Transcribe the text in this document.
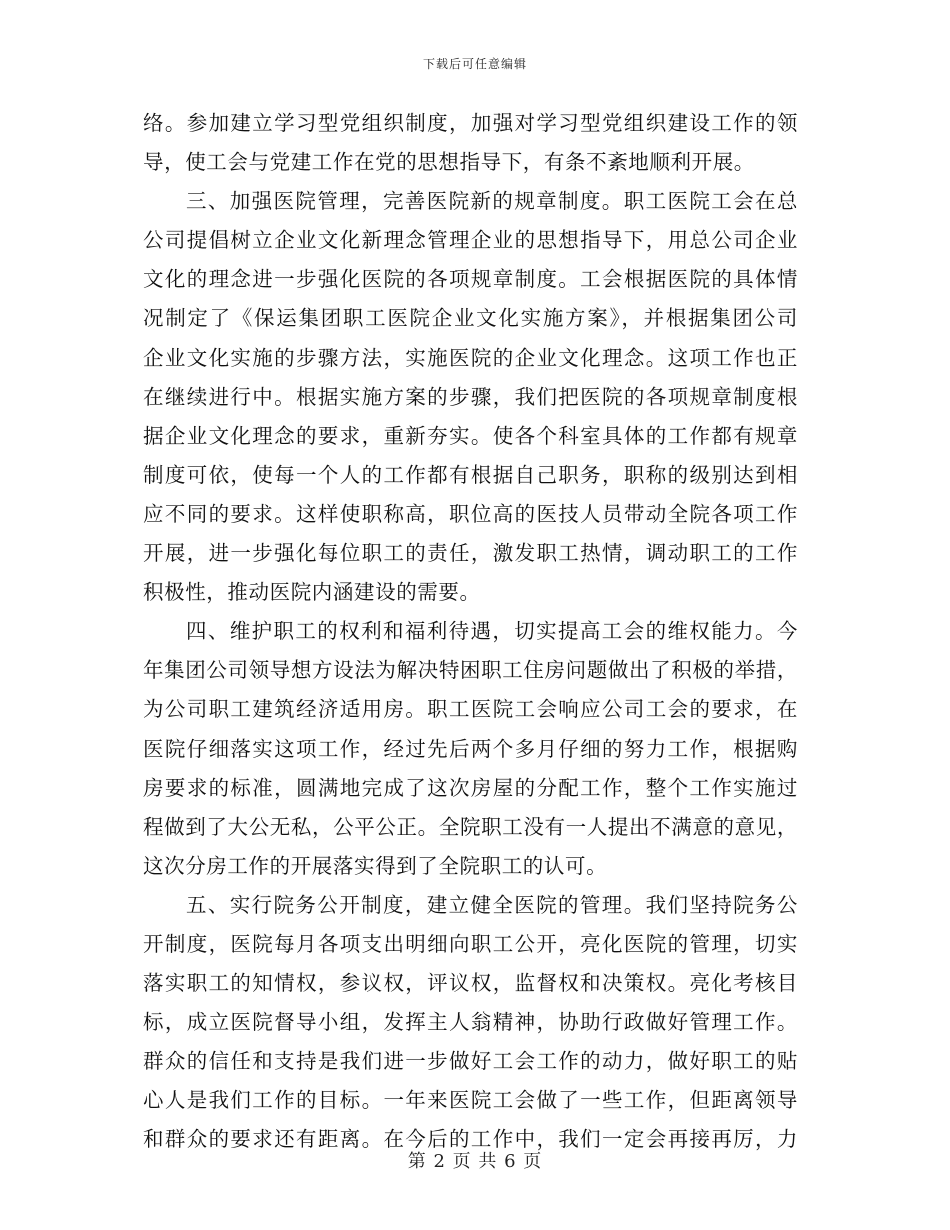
下载后可任意编辑
络。参加建立学习型党组织制度，加强对学习型党组织建设工作的领
导，使工会与党建工作在党的思想指导下，有条不紊地顺利开展。
三、加强医院管理，完善医院新的规章制度。职工医院工会在总
公司提倡树立企业文化新理念管理企业的思想指导下，用总公司企业
文化的理念进一步强化医院的各项规章制度。工会根据医院的具体情
况制定了《保运集团职工医院企业文化实施方案》，并根据集团公司
企业文化实施的步骤方法，实施医院的企业文化理念。这项工作也正
在继续进行中。根据实施方案的步骤，我们把医院的各项规章制度根
据企业文化理念的要求，重新夯实。使各个科室具体的工作都有规章
制度可依，使每一个人的工作都有根据自己职务，职称的级别达到相
应不同的要求。这样使职称高，职位高的医技人员带动全院各项工作
开展，进一步强化每位职工的责任，激发职工热情，调动职工的工作
积极性，推动医院内涵建设的需要。
四、维护职工的权利和福利待遇，切实提高工会的维权能力。今
年集团公司领导想方设法为解决特困职工住房问题做出了积极的举措，
为公司职工建筑经济适用房。职工医院工会响应公司工会的要求，在
医院仔细落实这项工作，经过先后两个多月仔细的努力工作，根据购
房要求的标准，圆满地完成了这次房屋的分配工作，整个工作实施过
程做到了大公无私，公平公正。全院职工没有一人提出不满意的意见，
这次分房工作的开展落实得到了全院职工的认可。
五、实行院务公开制度，建立健全医院的管理。我们坚持院务公
开制度，医院每月各项支出明细向职工公开，亮化医院的管理，切实
落实职工的知情权，参议权，评议权，监督权和决策权。亮化考核目
标，成立医院督导小组，发挥主人翁精神，协助行政做好管理工作。
群众的信任和支持是我们进一步做好工会工作的动力，做好职工的贴
心人是我们工作的目标。一年来医院工会做了一些工作，但距离领导
和群众的要求还有距离。在今后的工作中，我们一定会再接再厉，力
第 2 页 共 6 页
